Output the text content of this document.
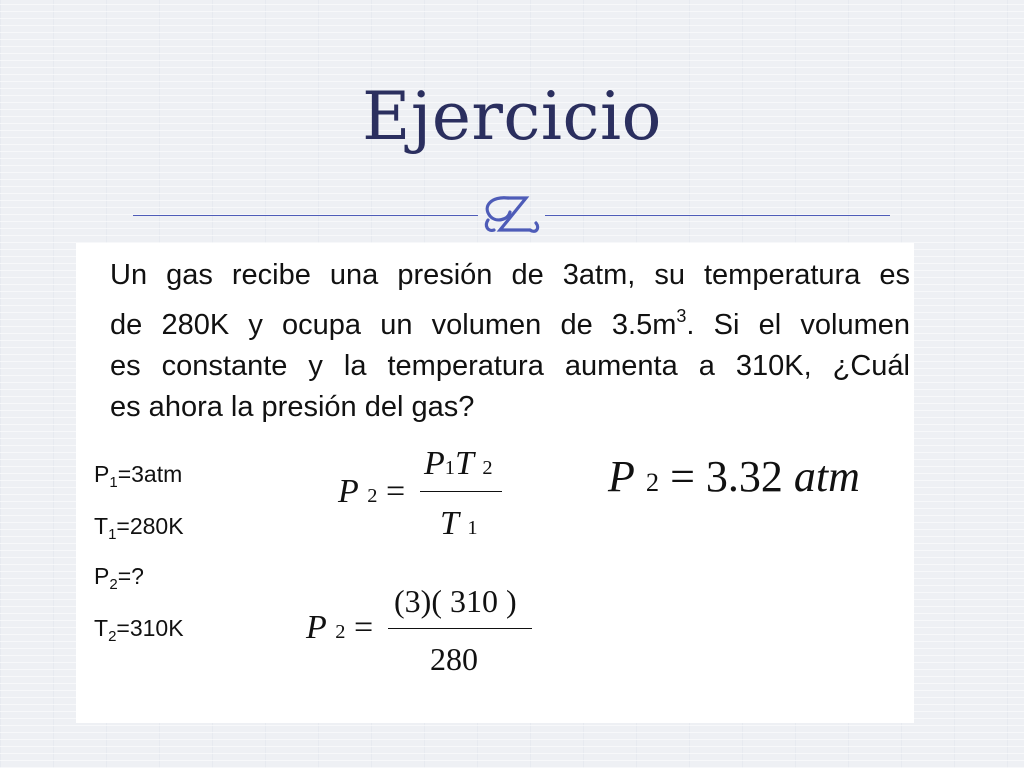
Ejercicio

Un gas recibe una presión de 3atm, su temperatura es
de 280K y ocupa un volumen de $3.5m^3$. Si el volumen
es constante y la temperatura aumenta a 310K, ¿Cuál
es ahora la presión del gas?

$P_1=3atm$
$T_1=280K$
$P_2=$?
$T_2=310K$
P 2 =
P1T 2
T 1
P 2 =
(3)( 310 )
280
P 2 = 3.32 atm
